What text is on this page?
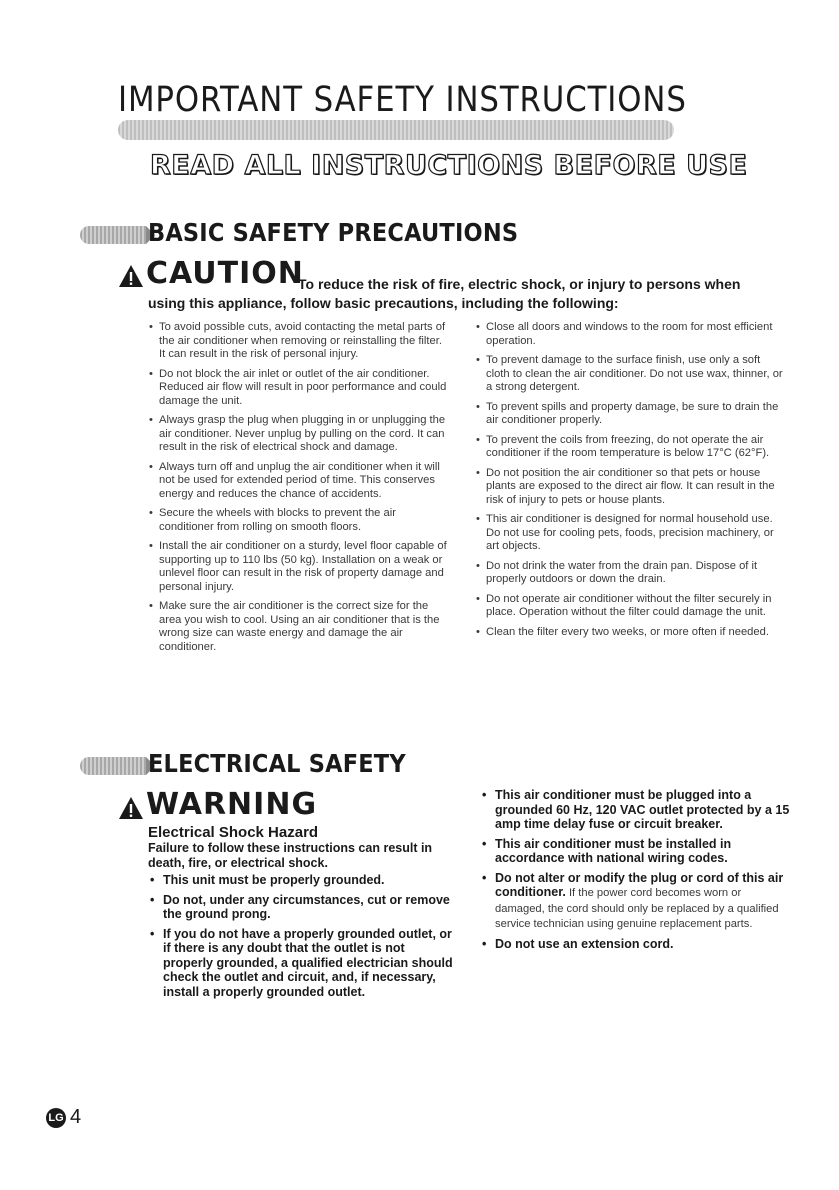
IMPORTANT SAFETY INSTRUCTIONS
READ ALL INSTRUCTIONS BEFORE USE
BASIC SAFETY PRECAUTIONS
CAUTION
To reduce the risk of fire, electric shock, or injury to persons when
using this appliance, follow basic precautions, including the following:
• To avoid possible cuts, avoid contacting the metal parts of the air conditioner when removing or reinstalling the filter. It can result in the risk of personal injury.
• Do not block the air inlet or outlet of the air conditioner. Reduced air flow will result in poor performance and could damage the unit.
• Always grasp the plug when plugging in or unplugging the air conditioner. Never unplug by pulling on the cord. It can result in the risk of electrical shock and damage.
• Always turn off and unplug the air conditioner when it will not be used for extended period of time. This conserves energy and reduces the chance of accidents.
• Secure the wheels with blocks to prevent the air conditioner from rolling on smooth floors.
• Install the air conditioner on a sturdy, level floor capable of supporting up to 110 lbs (50 kg). Installation on a weak or unlevel floor can result in the risk of property damage and personal injury.
• Make sure the air conditioner is the correct size for the area you wish to cool. Using an air conditioner that is the wrong size can waste energy and damage the air conditioner.
• Close all doors and windows to the room for most efficient operation.
• To prevent damage to the surface finish, use only a soft cloth to clean the air conditioner. Do not use wax, thinner, or a strong detergent.
• To prevent spills and property damage, be sure to drain the air conditioner properly.
• To prevent the coils from freezing, do not operate the air conditioner if the room temperature is below 17°C (62°F).
• Do not position the air conditioner so that pets or house plants are exposed to the direct air flow. It can result in the risk of injury to pets or house plants.
• This air conditioner is designed for normal household use. Do not use for cooling pets, foods, precision machinery, or art objects.
• Do not drink the water from the drain pan. Dispose of it properly outdoors or down the drain.
• Do not operate air conditioner without the filter securely in place. Operation without the filter could damage the unit.
• Clean the filter every two weeks, or more often if needed.
ELECTRICAL SAFETY
WARNING
Electrical Shock Hazard
Failure to follow these instructions can result in death, fire, or electrical shock.
• This unit must be properly grounded.
• Do not, under any circumstances, cut or remove the ground prong.
• If you do not have a properly grounded outlet, or if there is any doubt that the outlet is not properly grounded, a qualified electrician should check the outlet and circuit, and, if necessary, install a properly grounded outlet.
• This air conditioner must be plugged into a grounded 60 Hz, 120 VAC outlet protected by a 15 amp time delay fuse or circuit breaker.
• This air conditioner must be installed in accordance with national wiring codes.
• Do not alter or modify the plug or cord of this air conditioner. If the power cord becomes worn or damaged, the cord should only be replaced by a qualified service technician using genuine replacement parts.
• Do not use an extension cord.
LG 4
